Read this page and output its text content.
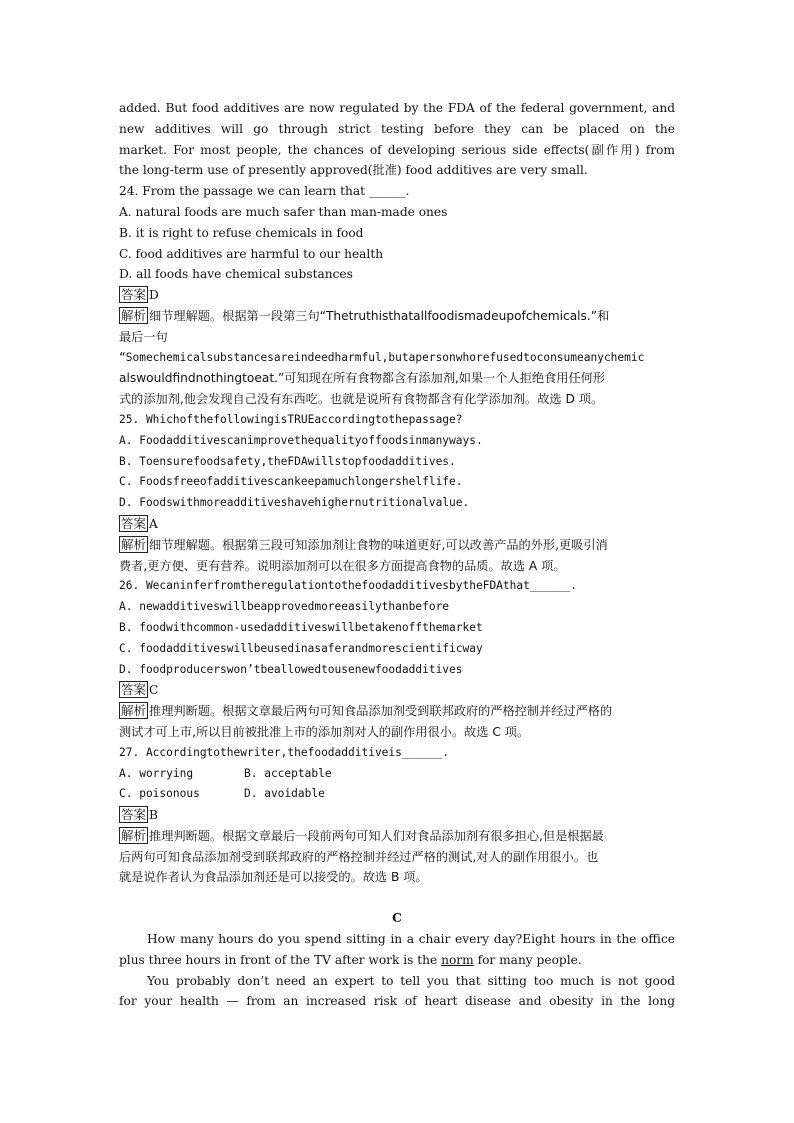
added. But food additives are now regulated by the FDA of the federal government, and
new additives will go through strict testing before they can be placed on the
market. For most people, the chances of developing serious side effects(副作用) from
the long-term use of presently approved(批准) food additives are very small.
24. From the passage we can learn that ______.
A. natural foods are much safer than man-made ones
B. it is right to refuse chemicals in food
C. food additives are harmful to our health
D. all foods have chemical substances
答案 D
解析 细节理解题。根据第一段第三句“Thetruthisthatallfoodismadeupofchemicals.”和
最后一句
“Somechemicalsubstancesareindeedharmful,butapersonwhorefusedtoconsumeanychemic
alswouldfindnothingtoeat.”可知现在所有食物都含有添加剂,如果一个人拒绝食用任何形
式的添加剂,他会发现自己没有东西吃。也就是说所有食物都含有化学添加剂。故选 D 项。
25. WhichofthefollowingisTRUEaccordingtothepassage?
A. Foodadditivescanimprovethequalityoffoodsinmanyways.
B. Toensurefoodsafety,theFDAwillstopfoodadditives.
C. Foodsfreeofadditivescankeepamuchlongershelflife.
D. Foodswithmoreadditiveshavehighernutritionalvalue.
答案 A
解析 细节理解题。根据第三段可知添加剂让食物的味道更好,可以改善产品的外形,更吸引消
费者,更方便、更有营养。说明添加剂可以在很多方面提高食物的品质。故选 A 项。
26. WecaninferfromtheregulationtothefoodadditivesbytheFDAthat______.
A. newadditiveswillbeapprovedmoreeasilythanbefore
B. foodwithcommon-usedadditiveswillbetakenoffthemarket
C. foodadditiveswillbeusedinasaferandmorescientificway
D. foodproducerswon’tbeallowedtousenewfoodadditives
答案 C
解析 推理判断题。根据文章最后两句可知食品添加剂受到联邦政府的严格控制并经过严格的
测试才可上市,所以目前被批准上市的添加剂对人的副作用很小。故选 C 项。
27. Accordingtothewriter,thefoodadditiveis______.
A. worrying	B. acceptable
C. poisonous	D. avoidable
答案 B
解析 推理判断题。根据文章最后一段前两句可知人们对食品添加剂有很多担心,但是根据最
后两句可知食品添加剂受到联邦政府的严格控制并经过严格的测试,对人的副作用很小。也
就是说作者认为食品添加剂还是可以接受的。故选 B 项。
C
How many hours do you spend sitting in a chair every day?Eight hours in the office
plus three hours in front of the TV after work is the norm for many people.
You probably don’t need an expert to tell you that sitting too much is not good
for your health — from an increased risk of heart disease and obesity in the long
